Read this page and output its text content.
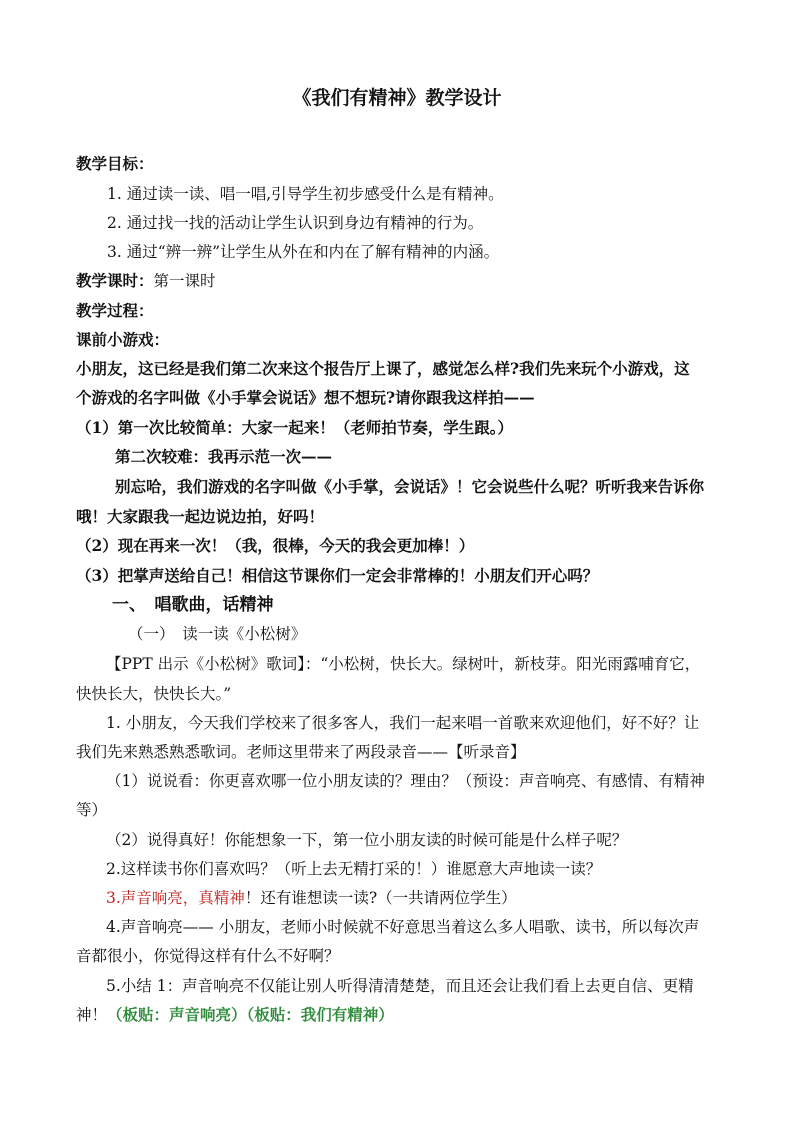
《我们有精神》教学设计
教学目标：
1. 通过读一读、唱一唱,引导学生初步感受什么是有精神。
2. 通过找一找的活动让学生认识到身边有精神的行为。
3. 通过“辨一辨”让学生从外在和内在了解有精神的内涵。
教学课时：第一课时
教学过程：
课前小游戏：
小朋友，这已经是我们第二次来这个报告厅上课了，感觉怎么样?我们先来玩个小游戏，这
个游戏的名字叫做《小手掌会说话》想不想玩?请你跟我这样拍——
（1）第一次比较简单：大家一起来！（老师拍节奏，学生跟。）
第二次较难：我再示范一次——
别忘哈，我们游戏的名字叫做《小手掌，会说话》！它会说些什么呢？听听我来告诉你
哦！大家跟我一起边说边拍，好吗！
（2）现在再来一次！（我，很棒，今天的我会更加棒！）
（3）把掌声送给自己！相信这节课你们一定会非常棒的！小朋友们开心吗？
一、　唱歌曲，话精神
（一）　读一读《小松树》
【PPT 出示《小松树》歌词】：“小松树，快长大。绿树叶，新枝芽。阳光雨露哺育它，
快快长大，快快长大。”
1. 小朋友，今天我们学校来了很多客人，我们一起来唱一首歌来欢迎他们，好不好？让
我们先来熟悉熟悉歌词。老师这里带来了两段录音——【听录音】
（1）说说看：你更喜欢哪一位小朋友读的？理由？（预设：声音响亮、有感情、有精神
等）
（2）说得真好！你能想象一下，第一位小朋友读的时候可能是什么样子呢？
2.这样读书你们喜欢吗？（听上去无精打采的！）谁愿意大声地读一读？
3.声音响亮，真精神！还有谁想读一读?（一共请两位学生）
4.声音响亮—— 小朋友，老师小时候就不好意思当着这么多人唱歌、读书，所以每次声
音都很小，你觉得这样有什么不好啊？
5.小结 1：声音响亮不仅能让别人听得清清楚楚，而且还会让我们看上去更自信、更精
神！（板贴：声音响亮）（板贴：我们有精神）
